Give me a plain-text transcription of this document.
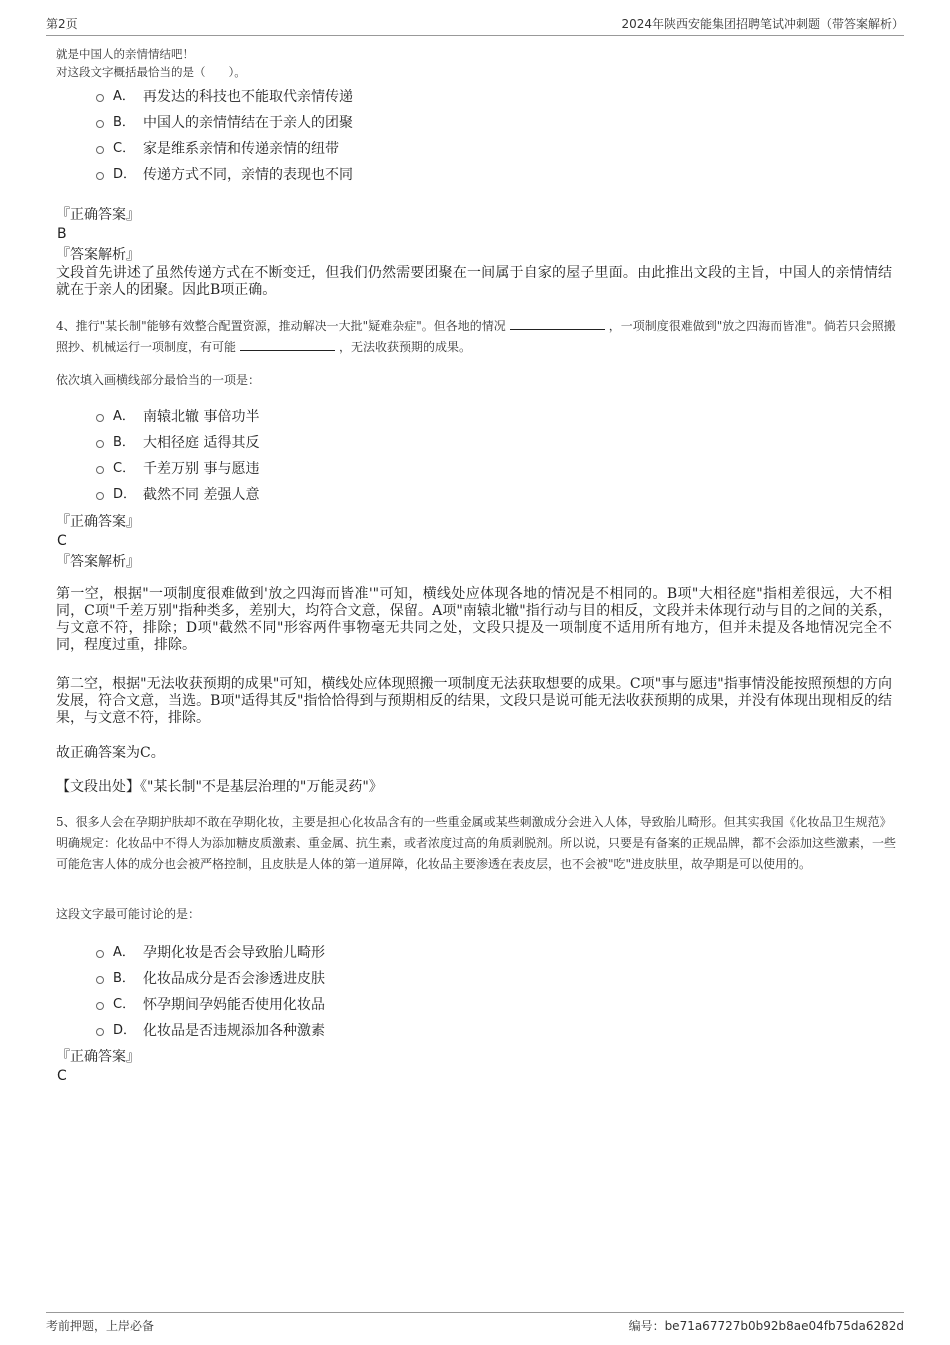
第2页	2024年陕西安能集团招聘笔试冲刺题（带答案解析）
就是中国人的亲情情结吧！
对这段文字概括最恰当的是（　　）。
A． 再发达的科技也不能取代亲情传递
B． 中国人的亲情情结在于亲人的团聚
C． 家是维系亲情和传递亲情的纽带
D． 传递方式不同，亲情的表现也不同
『正确答案』
B
『答案解析』
文段首先讲述了虽然传递方式在不断变迁，但我们仍然需要团聚在一间属于自家的屋子里面。由此推出文段的主旨，中国人的亲情情结就在于亲人的团聚。因此B项正确。
4、推行"某长制"能够有效整合配置资源，推动解决一大批"疑难杂症"。但各地的情况	，一项制度很难做到"放之四海而皆准"。倘若只会照搬照抄、机械运行一项制度，有可能	，无法收获预期的成果。
依次填入画横线部分最恰当的一项是：
A． 南辕北辙 事倍功半
B． 大相径庭 适得其反
C． 千差万别 事与愿违
D． 截然不同 差强人意
『正确答案』
C
『答案解析』
第一空，根据"一项制度很难做到'放之四海而皆准'"可知，横线处应体现各地的情况是不相同的。B项"大相径庭"指相差很远，大不相同，C项"千差万别"指种类多，差别大，均符合文意，保留。A项"南辕北辙"指行动与目的相反，文段并未体现行动与目的之间的关系，与文意不符，排除；D项"截然不同"形容两件事物毫无共同之处，文段只提及一项制度不适用所有地方，但并未提及各地情况完全不同，程度过重，排除。
第二空，根据"无法收获预期的成果"可知，横线处应体现照搬一项制度无法获取想要的成果。C项"事与愿违"指事情没能按照预想的方向发展，符合文意，当选。B项"适得其反"指恰恰得到与预期相反的结果，文段只是说可能无法收获预期的成果，并没有体现出现相反的结果，与文意不符，排除。
故正确答案为C。
【文段出处】《"某长制"不是基层治理的"万能灵药"》
5、很多人会在孕期护肤却不敢在孕期化妆，主要是担心化妆品含有的一些重金属或某些刺激成分会进入人体，导致胎儿畸形。但其实我国《化妆品卫生规范》明确规定：化妆品中不得人为添加糖皮质激素、重金属、抗生素，或者浓度过高的角质剥脱剂。所以说，只要是有备案的正规品牌，都不会添加这些激素，一些可能危害人体的成分也会被严格控制，且皮肤是人体的第一道屏障，化妆品主要渗透在表皮层，也不会被"吃"进皮肤里，故孕期是可以使用的。
这段文字最可能讨论的是：
A． 孕期化妆是否会导致胎儿畸形
B． 化妆品成分是否会渗透进皮肤
C． 怀孕期间孕妈能否使用化妆品
D． 化妆品是否违规添加各种激素
『正确答案』
C
考前押题，上岸必备	编号：be71a67727b0b92b8ae04fb75da6282d
